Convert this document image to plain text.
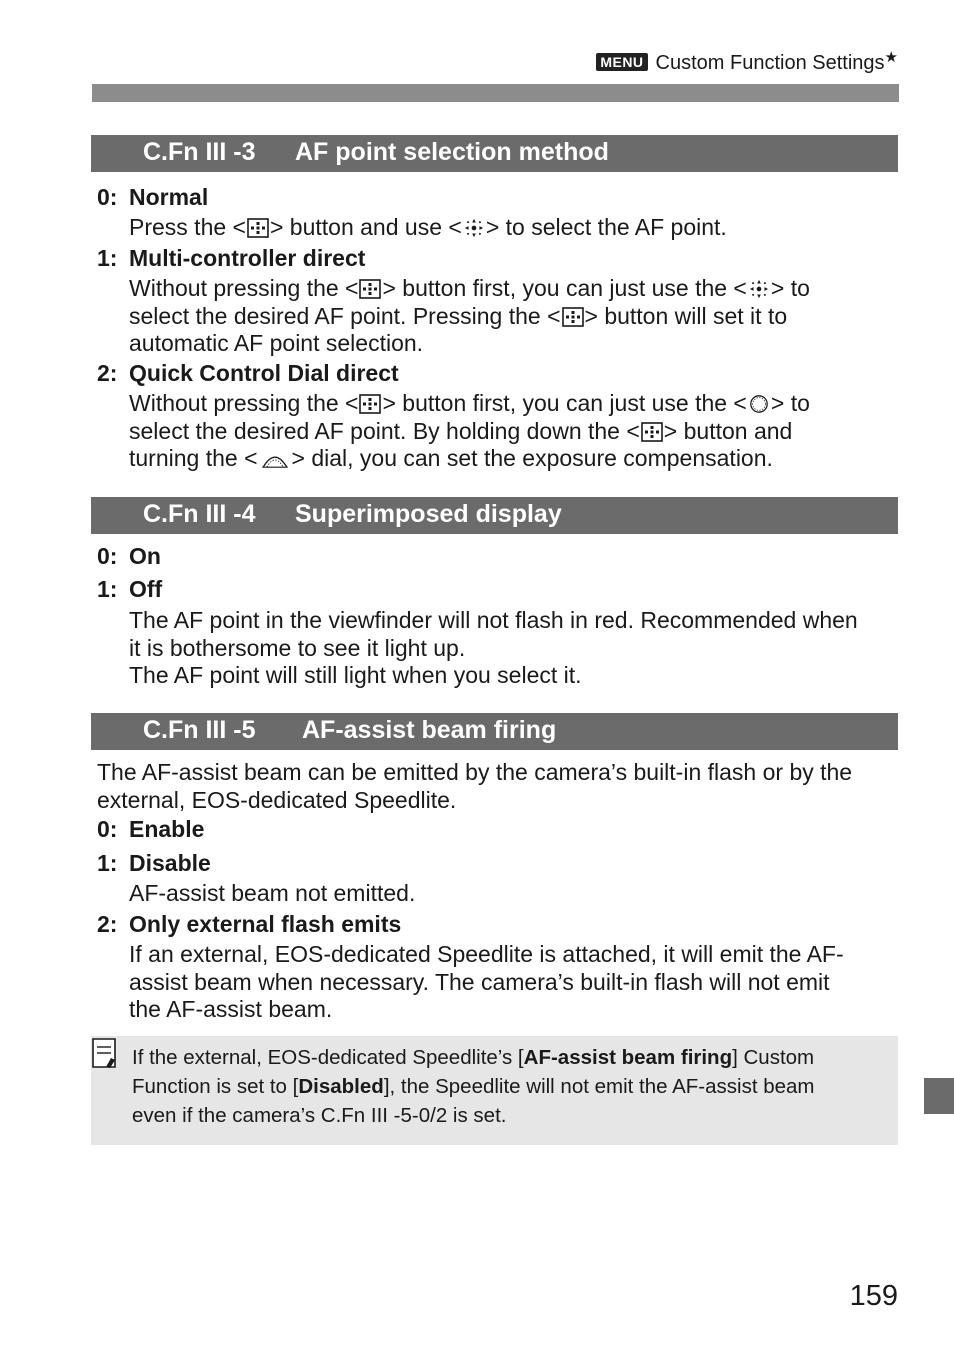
MENU Custom Function Settings★
C.Fn III -3 AF point selection method
0: Normal
Press the < > button and use < > to select the AF point.
1: Multi-controller direct
Without pressing the < > button first, you can just use the < > to
select the desired AF point. Pressing the < > button will set it to
automatic AF point selection.
2: Quick Control Dial direct
Without pressing the < > button first, you can just use the < > to
select the desired AF point. By holding down the < > button and
turning the < > dial, you can set the exposure compensation.
C.Fn III -4 Superimposed display
0: On
1: Off
The AF point in the viewfinder will not flash in red. Recommended when
it is bothersome to see it light up.
The AF point will still light when you select it.
C.Fn III -5 AF-assist beam firing
The AF-assist beam can be emitted by the camera’s built-in flash or by the
external, EOS-dedicated Speedlite.
0: Enable
1: Disable
AF-assist beam not emitted.
2: Only external flash emits
If an external, EOS-dedicated Speedlite is attached, it will emit the AF-
assist beam when necessary. The camera’s built-in flash will not emit
the AF-assist beam.
If the external, EOS-dedicated Speedlite’s [AF-assist beam firing] Custom
Function is set to [Disabled], the Speedlite will not emit the AF-assist beam
even if the camera’s C.Fn III -5-0/2 is set.
159
